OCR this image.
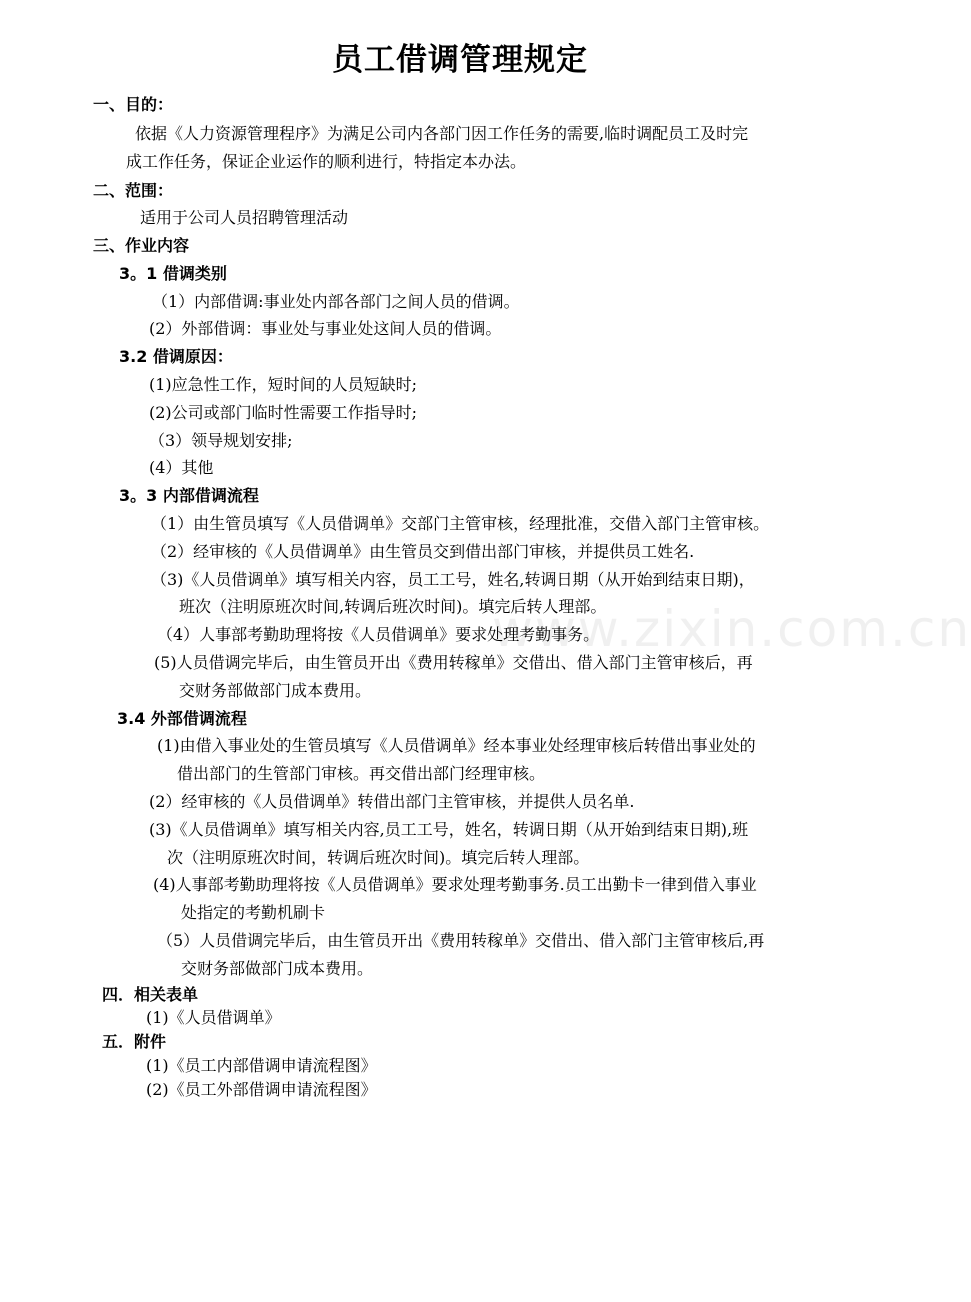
员工借调管理规定
www.zixin.com.cn
一、目的：
依据《人力资源管理程序》为满足公司内各部门因工作任务的需要,临时调配员工及时完
成工作任务，保证企业运作的顺利进行，特指定本办法。
二、范围：
适用于公司人员招聘管理活动
三、作业内容
3。1 借调类别
（1）内部借调:事业处内部各部门之间人员的借调。
(2）外部借调：事业处与事业处这间人员的借调。
3.2 借调原因：
(1)应急性工作，短时间的人员短缺时;
(2)公司或部门临时性需要工作指导时;
（3）领导规划安排;
(4）其他
3。3 内部借调流程
（1）由生管员填写《人员借调单》交部门主管审核，经理批准，交借入部门主管审核。
（2）经审核的《人员借调单》由生管员交到借出部门审核，并提供员工姓名.
（3)《人员借调单》填写相关内容，员工工号，姓名,转调日期（从开始到结束日期)，
班次（注明原班次时间,转调后班次时间)。填完后转人理部。
（4）人事部考勤助理将按《人员借调单》要求处理考勤事务。
(5)人员借调完毕后，由生管员开出《费用转稼单》交借出、借入部门主管审核后，再
交财务部做部门成本费用。
3.4 外部借调流程
(1)由借入事业处的生管员填写《人员借调单》经本事业处经理审核后转借出事业处的
借出部门的生管部门审核。再交借出部门经理审核。
(2）经审核的《人员借调单》转借出部门主管审核，并提供人员名单.
(3)《人员借调单》填写相关内容,员工工号，姓名，转调日期（从开始到结束日期),班
次（注明原班次时间，转调后班次时间)。填完后转人理部。
(4)人事部考勤助理将按《人员借调单》要求处理考勤事务.员工出勤卡一律到借入事业
处指定的考勤机刷卡
（5）人员借调完毕后，由生管员开出《费用转稼单》交借出、借入部门主管审核后,再
交财务部做部门成本费用。
四．相关表单
(1)《人员借调单》
五．附件
(1)《员工内部借调申请流程图》
(2)《员工外部借调申请流程图》
